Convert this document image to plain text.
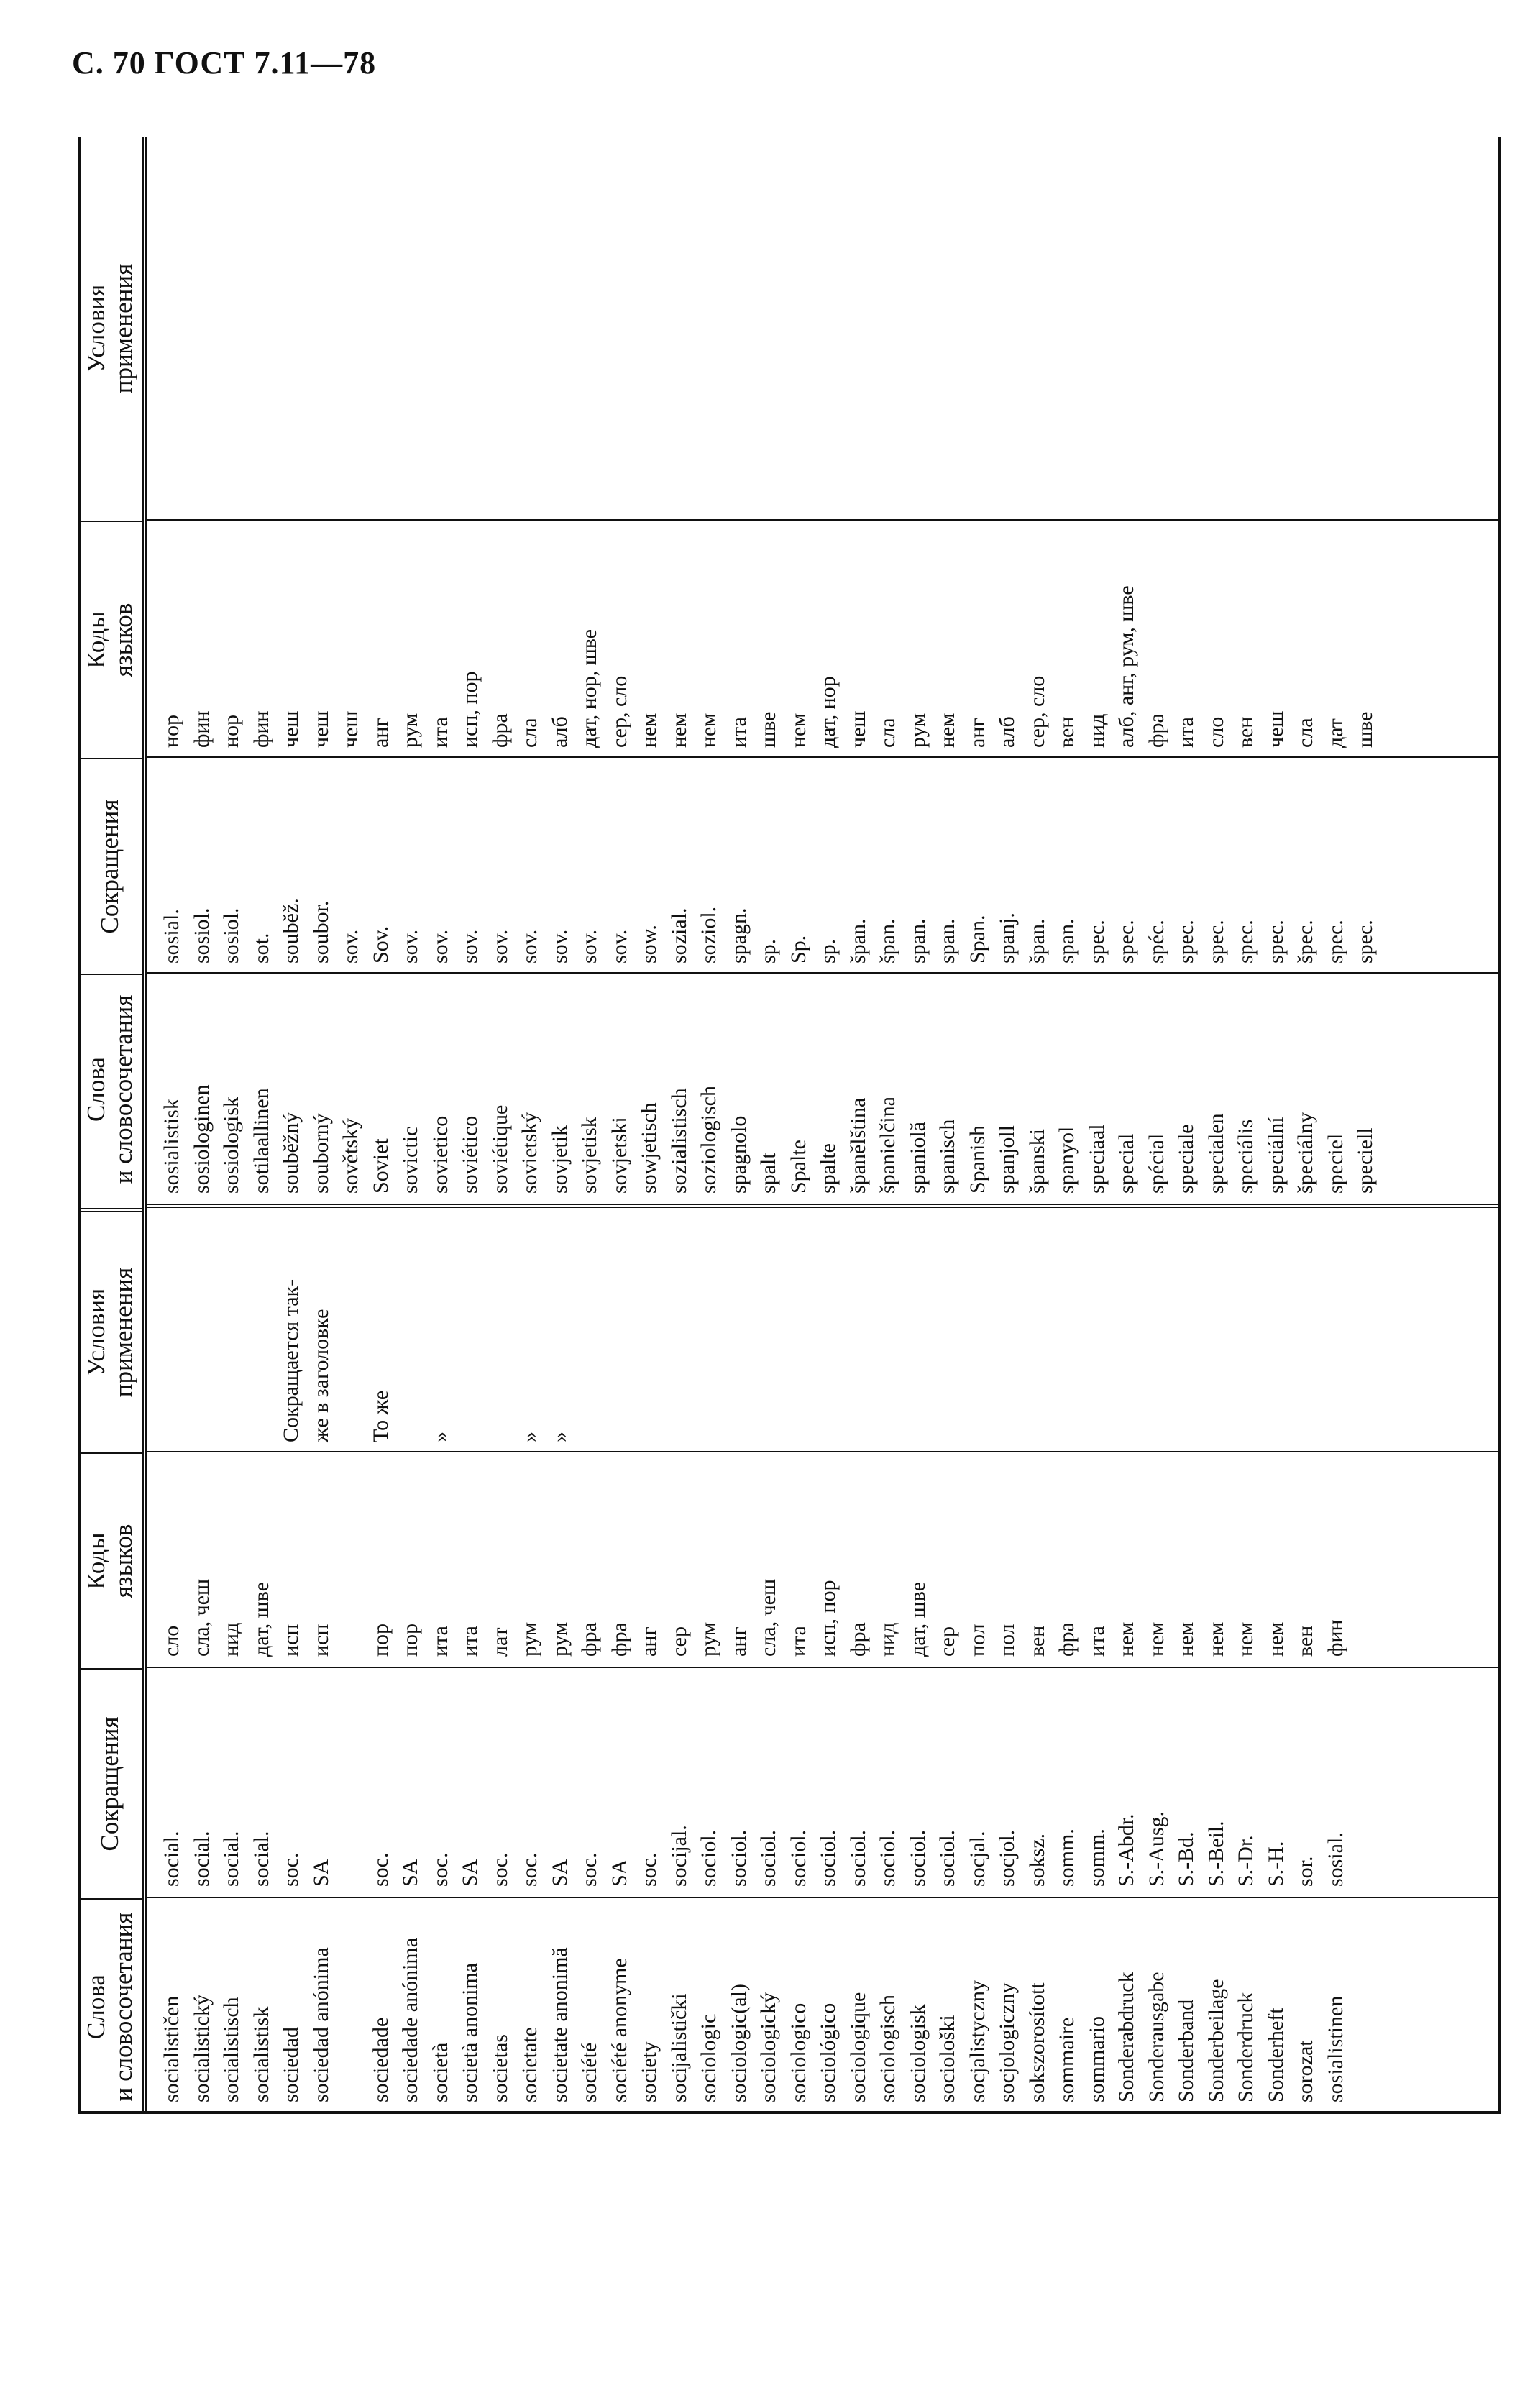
С. 70 ГОСТ 7.11—78
Слова и словосочетания
Сокращения
Коды языков
Условия применения
Слова и словосочетания
Сокращения
Коды языков
Условия применения
socialističen socialistický socialistisch socialistisk sociedad sociedad anónima sociedade sociedade anónima società società anonima societas societate societate anonimă société société anonyme society socijalistički sociologic sociologic(al) sociologický sociologico sociológico sociologique sociologisch sociologisk sociološki socjalistyczny socjologiczny sokszorosított sommaire sommario Sonderabdruck Sonderausgabe Sonderband Sonderbeilage Sonderdruck Sonderheft sorozat sosialistinen
social. social. social. social. soc. SA soc. SA soc. SA soc. soc. SA soc. SA soc. socijal. sociol. sociol. sociol. sociol. sociol. sociol. sociol. sociol. sociol. socjal. socjol. soksz. somm. somm. S.-Abdr. S.-Ausg. S.-Bd. S.-Beil. S.-Dr. S.-H. sor. sosial.
сло сла, чеш нид дат, шве исп исп пор пор ита ита лат рум рум фра фра анг сер рум анг сла, чеш ита исп, пор фра нид дат, шве сер пол пол вен фра ита нем нем нем нем нем нем вен фин
Сокращается так- же в заголовке То же »	» »
sosialistisk sosiologinen sosiologisk sotilaallinen souběžný souborný sovětský Soviet sovictic sovietico soviético soviétique sovietský sovjetik sovjetisk sovjetski sowjetisch sozialistisch soziologisch spagnolo spalt Spalte spalte španělština španielčina spaniolă spanisch Spanish spanjoll španski spanyol speciaal special spécial speciale specialen speciális speciální špeciálny speciel speciell
sosial. sosiol. sosiol. sot. souběž. soubor. sov. Sov. sov. sov. sov. sov. sov. sov. sov. sov. sow. sozial. soziol. spagn. sp. Sp. sp. špan. špan. span. span. Span. spanj. špan. span. spec. spec. spéc. spec. spec. spec. spec. špec. spec. spec.
нор фин нор фин чеш чеш чеш анг рум ита исп, пор фра сла алб дат, нор, шве сер, сло нем нем нем ита шве нем дат, нор чеш сла рум нем анг алб сер, сло вен нид алб, анг, рум, шве фра ита сло вен чеш сла дат шве
